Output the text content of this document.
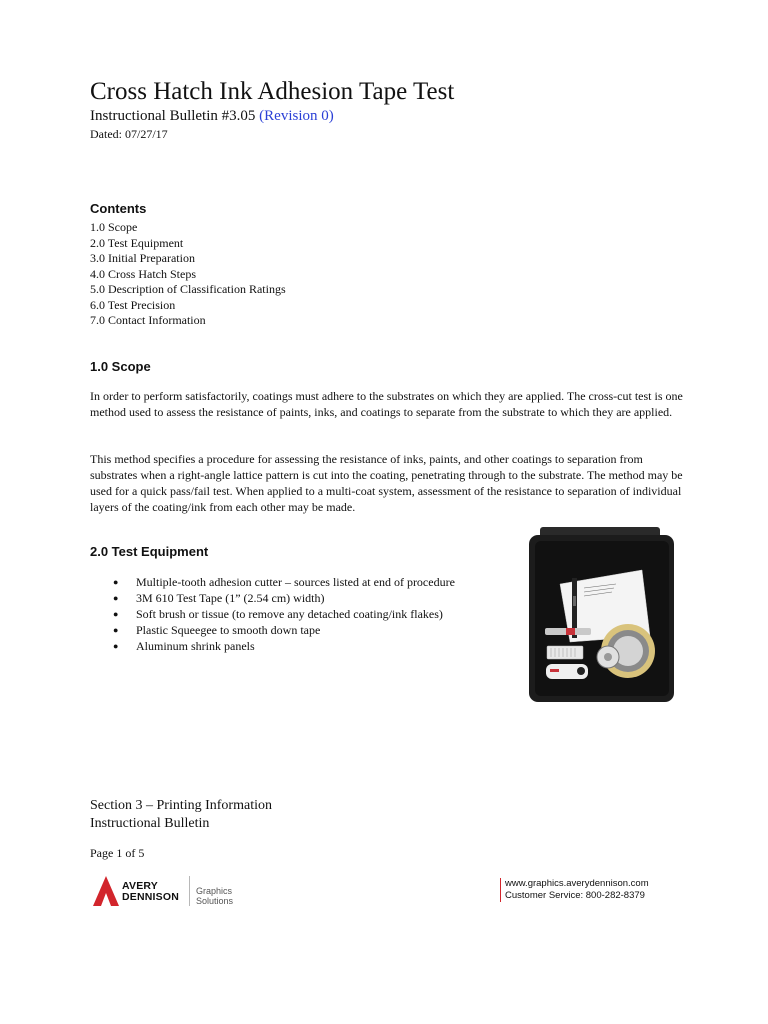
Cross Hatch Ink Adhesion Tape Test
Instructional Bulletin #3.05 (Revision 0)
Dated: 07/27/17
Contents
1.0 Scope
2.0 Test Equipment
3.0 Initial Preparation
4.0 Cross Hatch Steps
5.0 Description of Classification Ratings
6.0 Test Precision
7.0 Contact Information
1.0 Scope

In order to perform satisfactorily, coatings must adhere to the substrates on which they are applied. The cross-cut test is one method used to assess the resistance of paints, inks, and coatings to separate from the substrate to which they are applied.

This method specifies a procedure for assessing the resistance of inks, paints, and other coatings to separation from substrates when a right-angle lattice pattern is cut into the coating, penetrating through to the substrate. The method may be used for a quick pass/fail test. When applied to a multi-coat system, assessment of the resistance to separation of individual layers of the coating/ink from each other may be made.

2.0 Test Equipment
● Multiple-tooth adhesion cutter – sources listed at end of procedure
● 3M 610 Test Tape (1” (2.54 cm) width)
● Soft brush or tissue (to remove any detached coating/ink flakes)
● Plastic Squeegee to smooth down tape
● Aluminum shrink panels
Section 3 – Printing Information
Instructional Bulletin
Page 1 of 5
AVERY
DENNISON Graphics
Solutions
www.graphics.averydennison.com
Customer Service: 800-282-8379
